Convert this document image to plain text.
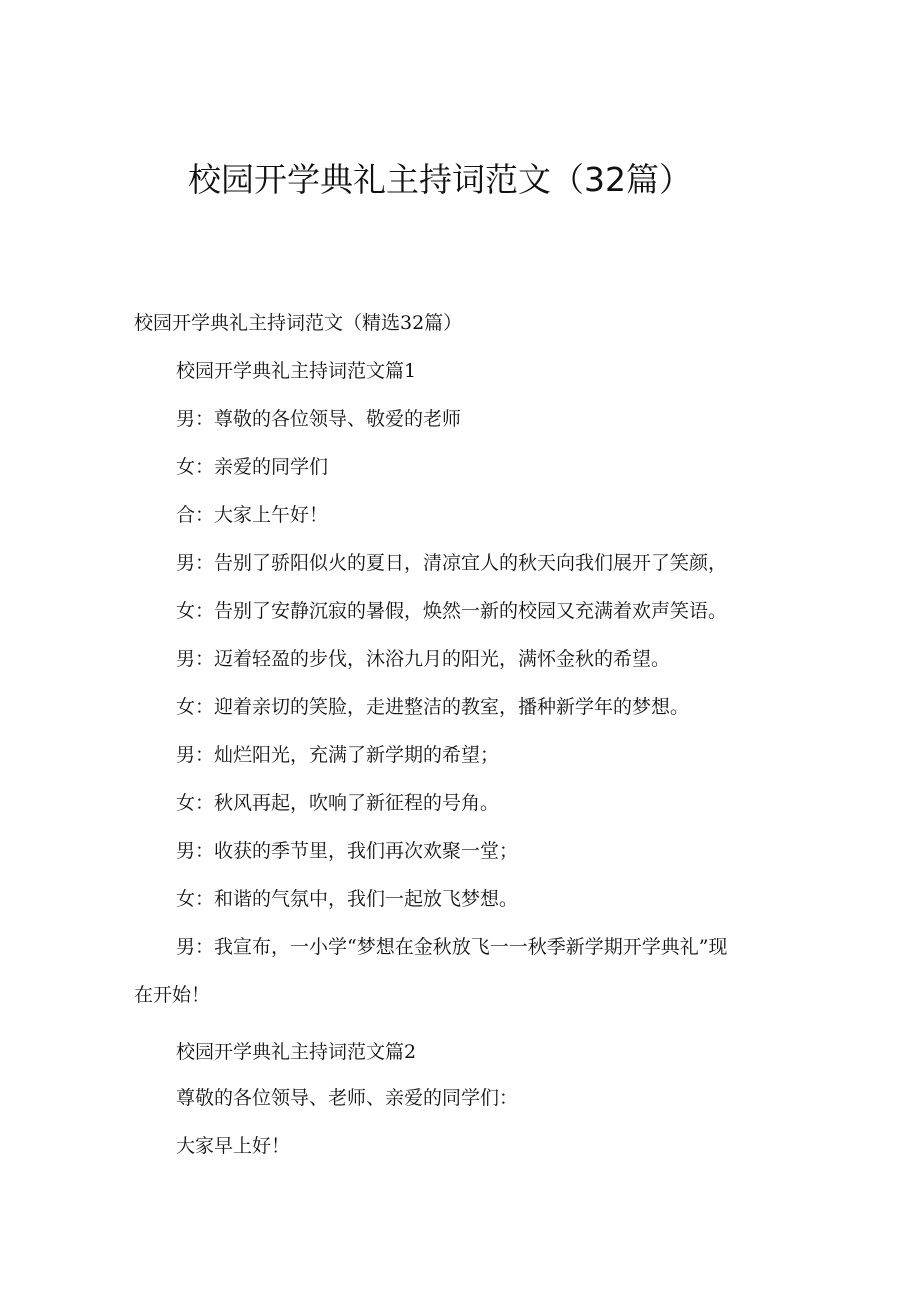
校园开学典礼主持词范文（32篇）

校园开学典礼主持词范文（精选32篇）

校园开学典礼主持词范文篇1

男：尊敬的各位领导、敬爱的老师

女：亲爱的同学们

合：大家上午好！

男：告别了骄阳似火的夏日，清凉宜人的秋天向我们展开了笑颜，

女：告别了安静沉寂的暑假，焕然一新的校园又充满着欢声笑语。

男：迈着轻盈的步伐，沐浴九月的阳光，满怀金秋的希望。

女：迎着亲切的笑脸，走进整洁的教室，播种新学年的梦想。

男：灿烂阳光，充满了新学期的希望；

女：秋风再起，吹响了新征程的号角。

男：收获的季节里，我们再次欢聚一堂；

女：和谐的气氛中，我们一起放飞梦想。

男：我宣布，一小学“梦想在金秋放飞一一秋季新学期开学典礼”现

在开始！

校园开学典礼主持词范文篇2

尊敬的各位领导、老师、亲爱的同学们：

大家早上好！
